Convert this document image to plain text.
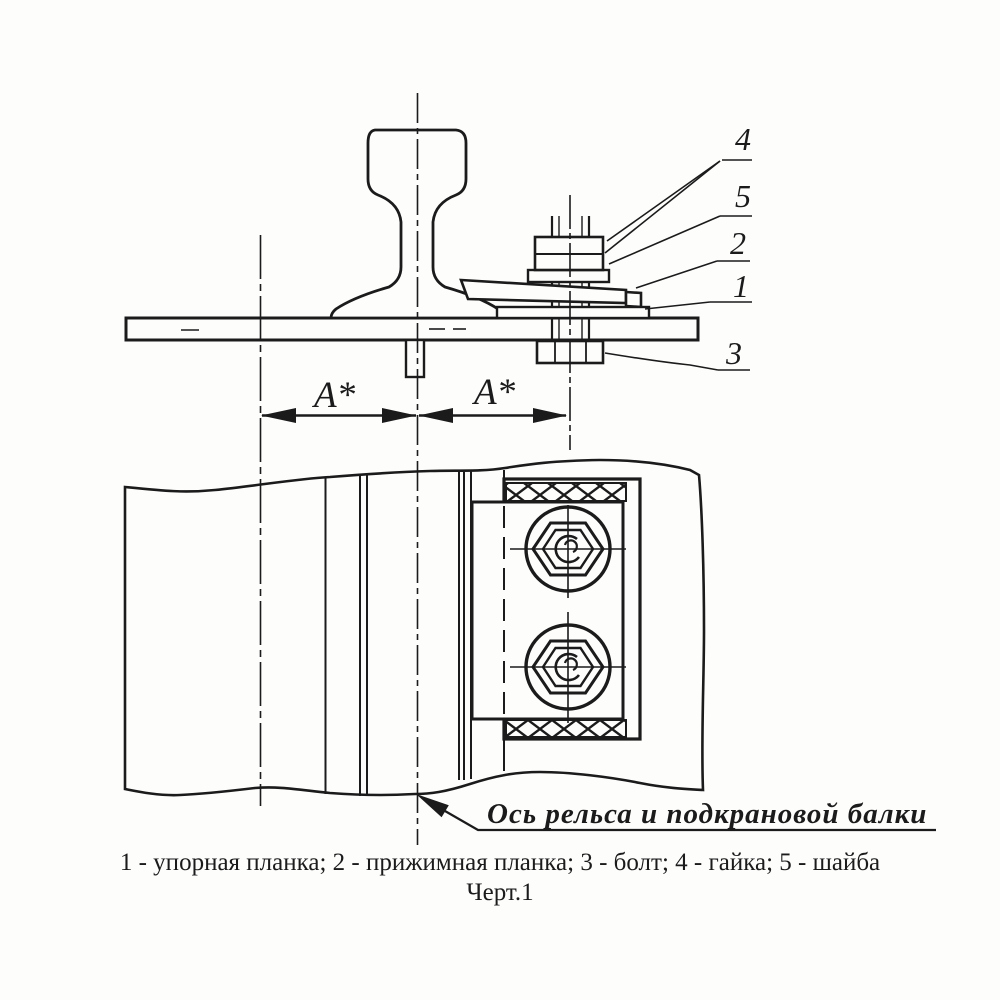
4
5
2
1
3
A*	A*
Ось рельса и подкрановой балки
1 - упорная планка; 2 - прижимная планка; 3 - болт; 4 - гайка; 5 - шайба
Черт.1
